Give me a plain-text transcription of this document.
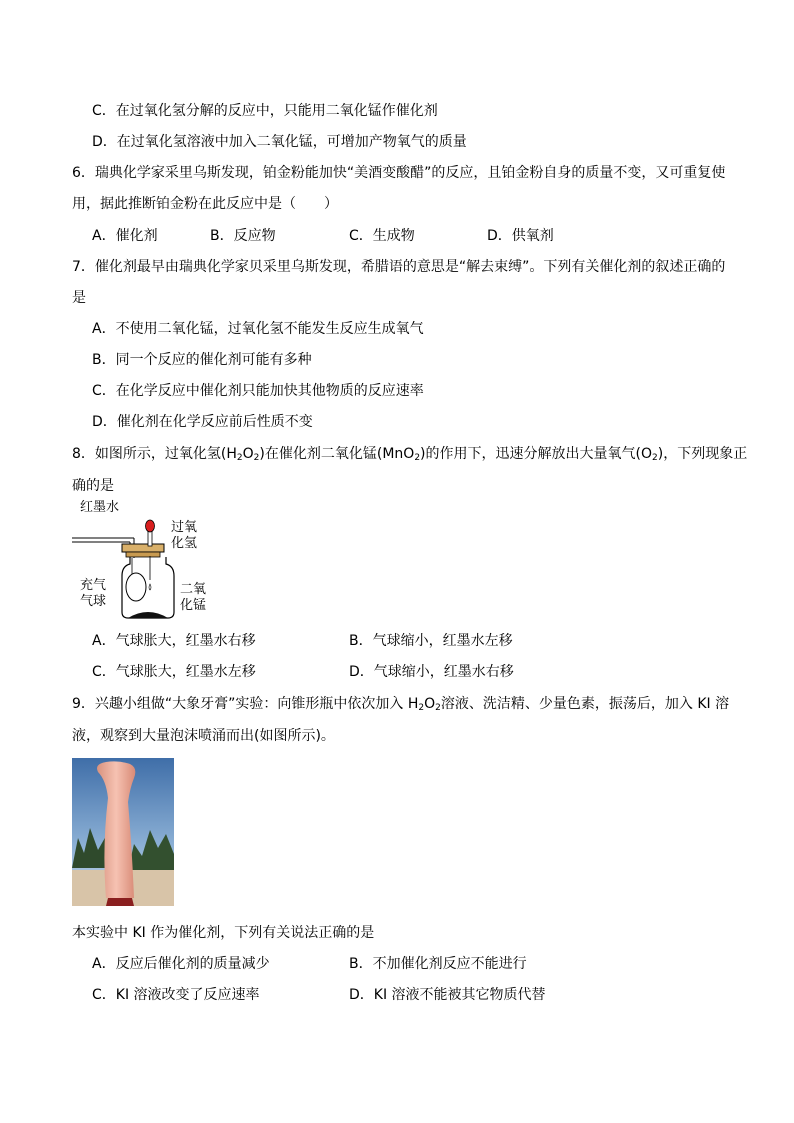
C．在过氧化氢分解的反应中，只能用二氧化锰作催化剂
D．在过氧化氢溶液中加入二氧化锰，可增加产物氧气的质量
6．瑞典化学家采里乌斯发现，铂金粉能加快“美酒变酸醋”的反应，且铂金粉自身的质量不变，又可重复使
用，据此推断铂金粉在此反应中是（　　）
A．催化剂	B．反应物	C．生成物	D．供氧剂
7．催化剂最早由瑞典化学家贝采里乌斯发现，希腊语的意思是“解去束缚”。下列有关催化剂的叙述正确的
是
A．不使用二氧化锰，过氧化氢不能发生反应生成氧气
B．同一个反应的催化剂可能有多种
C．在化学反应中催化剂只能加快其他物质的反应速率
D．催化剂在化学反应前后性质不变
8．如图所示，过氧化氢$(H_2O_2)$在催化剂二氧化锰(MnO$_2$)的作用下，迅速分解放出大量氧气$(O_2)$，下列现象正
确的是
红墨水
过氧
化氢
充气
气球
二氧
化锰
A．气球胀大，红墨水右移	B．气球缩小，红墨水左移
C．气球胀大，红墨水左移	D．气球缩小，红墨水右移
9．兴趣小组做“大象牙膏”实验：向锥形瓶中依次加入 $H_2O_2$溶液、洗洁精、少量色素，振荡后，加入 KI 溶
液，观察到大量泡沫喷涌而出(如图所示)。
本实验中 KI 作为催化剂，下列有关说法正确的是
A．反应后催化剂的质量减少	B．不加催化剂反应不能进行
C．KI 溶液改变了反应速率	D．KI 溶液不能被其它物质代替
